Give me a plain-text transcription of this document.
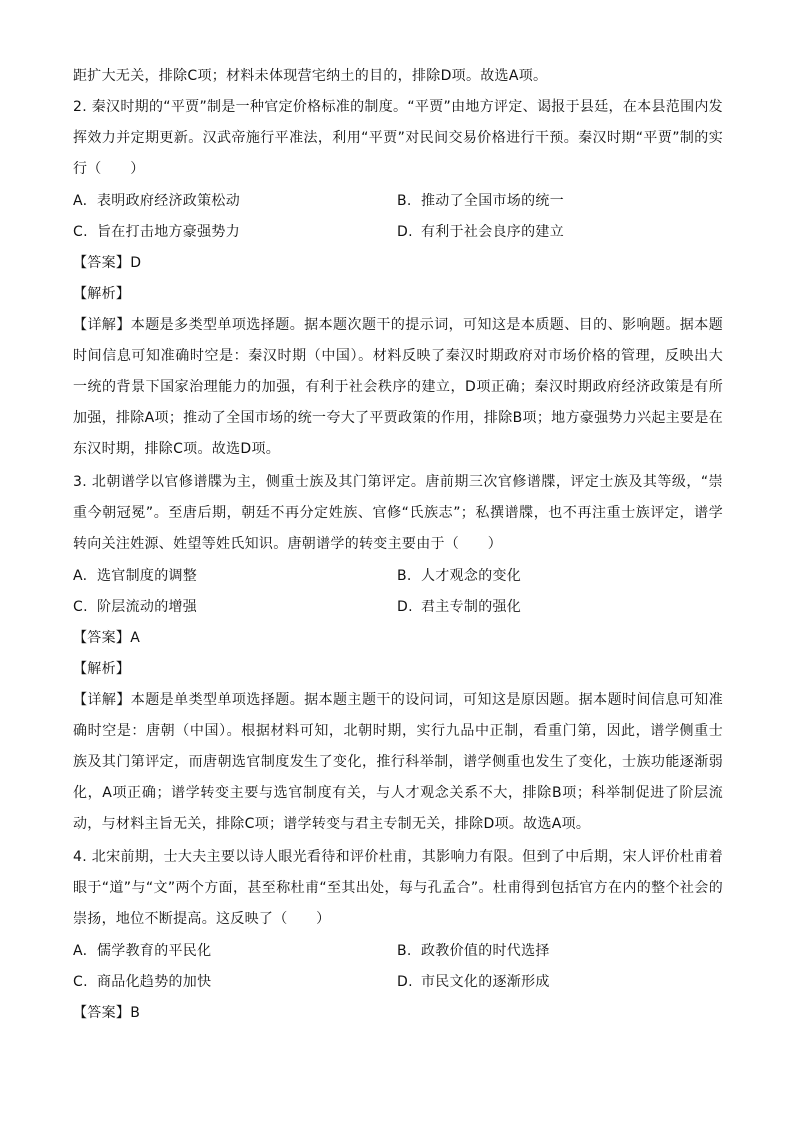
距扩大无关，排除C项；材料未体现营宅纳土的目的，排除D项。故选A项。
2. 秦汉时期的“平贾”制是一种官定价格标准的制度。“平贾”由地方评定、谒报于县廷，在本县范围内发挥效力并定期更新。汉武帝施行平准法，利用“平贾”对民间交易价格进行干预。秦汉时期“平贾”制的实行（　　）
A. 表明政府经济政策松动	B. 推动了全国市场的统一
C. 旨在打击地方豪强势力	D. 有利于社会良序的建立
【答案】D
【解析】
【详解】本题是多类型单项选择题。据本题次题干的提示词，可知这是本质题、目的、影响题。据本题时间信息可知准确时空是：秦汉时期（中国）。材料反映了秦汉时期政府对市场价格的管理，反映出大一统的背景下国家治理能力的加强，有利于社会秩序的建立，D项正确；秦汉时期政府经济政策是有所加强，排除A项；推动了全国市场的统一夸大了平贾政策的作用，排除B项；地方豪强势力兴起主要是在东汉时期，排除C项。故选D项。
3. 北朝谱学以官修谱牒为主，侧重士族及其门第评定。唐前期三次官修谱牒，评定士族及其等级，“崇重今朝冠冕”。至唐后期，朝廷不再分定姓族、官修“氏族志”；私撰谱牒，也不再注重士族评定，谱学转向关注姓源、姓望等姓氏知识。唐朝谱学的转变主要由于（　　）
A. 选官制度的调整	B. 人才观念的变化
C. 阶层流动的增强	D. 君主专制的强化
【答案】A
【解析】
【详解】本题是单类型单项选择题。据本题主题干的设问词，可知这是原因题。据本题时间信息可知准确时空是：唐朝（中国）。根据材料可知，北朝时期，实行九品中正制，看重门第，因此，谱学侧重士族及其门第评定，而唐朝选官制度发生了变化，推行科举制，谱学侧重也发生了变化，士族功能逐渐弱化，A项正确；谱学转变主要与选官制度有关，与人才观念关系不大，排除B项；科举制促进了阶层流动，与材料主旨无关，排除C项；谱学转变与君主专制无关，排除D项。故选A项。
4. 北宋前期，士大夫主要以诗人眼光看待和评价杜甫，其影响力有限。但到了中后期，宋人评价杜甫着眼于“道”与“文”两个方面，甚至称杜甫“至其出处，每与孔孟合”。杜甫得到包括官方在内的整个社会的崇扬，地位不断提高。这反映了（　　）
A. 儒学教育的平民化	B. 政教价值的时代选择
C. 商品化趋势的加快	D. 市民文化的逐渐形成
【答案】B
